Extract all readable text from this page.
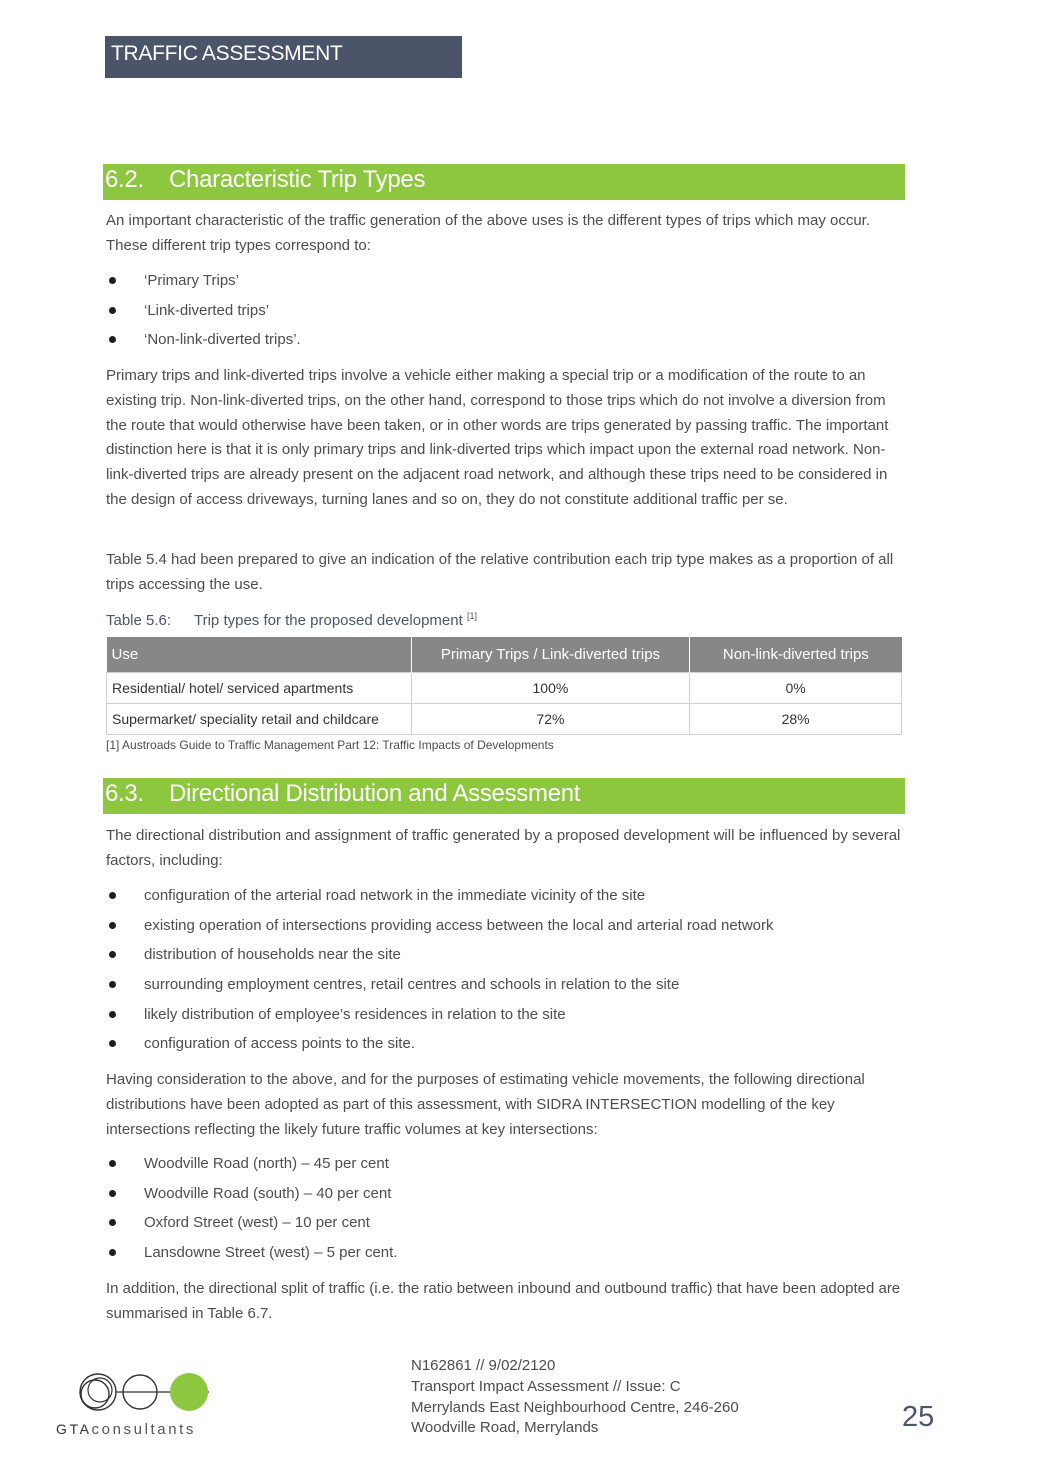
TRAFFIC ASSESSMENT
6.2. Characteristic Trip Types

An important characteristic of the traffic generation of the above uses is the different types of trips which may occur. These different trip types correspond to:

‘Primary Trips’
‘Link-diverted trips’
‘Non-link-diverted trips’.

Primary trips and link-diverted trips involve a vehicle either making a special trip or a modification of the route to an existing trip. Non-link-diverted trips, on the other hand, correspond to those trips which do not involve a diversion from the route that would otherwise have been taken, or in other words are trips generated by passing traffic. The important distinction here is that it is only primary trips and link-diverted trips which impact upon the external road network. Non-link-diverted trips are already present on the adjacent road network, and although these trips need to be considered in the design of access driveways, turning lanes and so on, they do not constitute additional traffic per se.

Table 5.4 had been prepared to give an indication of the relative contribution each trip type makes as a proportion of all trips accessing the use.

Table 5.6: Trip types for the proposed development [1]
Use	Primary Trips / Link-diverted trips	Non-link-diverted trips
Residential/ hotel/ serviced apartments	100%	0%
Supermarket/ speciality retail and childcare	72%	28%
[1] Austroads Guide to Traffic Management Part 12: Traffic Impacts of Developments
6.3. Directional Distribution and Assessment

The directional distribution and assignment of traffic generated by a proposed development will be influenced by several factors, including:

configuration of the arterial road network in the immediate vicinity of the site
existing operation of intersections providing access between the local and arterial road network
distribution of households near the site
surrounding employment centres, retail centres and schools in relation to the site
likely distribution of employee’s residences in relation to the site
configuration of access points to the site.

Having consideration to the above, and for the purposes of estimating vehicle movements, the following directional distributions have been adopted as part of this assessment, with SIDRA INTERSECTION modelling of the key intersections reflecting the likely future traffic volumes at key intersections:

Woodville Road (north) – 45 per cent
Woodville Road (south) – 40 per cent
Oxford Street (west) – 10 per cent
Lansdowne Street (west) – 5 per cent.

In addition, the directional split of traffic (i.e. the ratio between inbound and outbound traffic) that have been adopted are summarised in Table 6.7.

GTAconsultants
N162861 // 9/02/2120
Transport Impact Assessment // Issue: C
Merrylands East Neighbourhood Centre, 246-260
Woodville Road, Merrylands	25
